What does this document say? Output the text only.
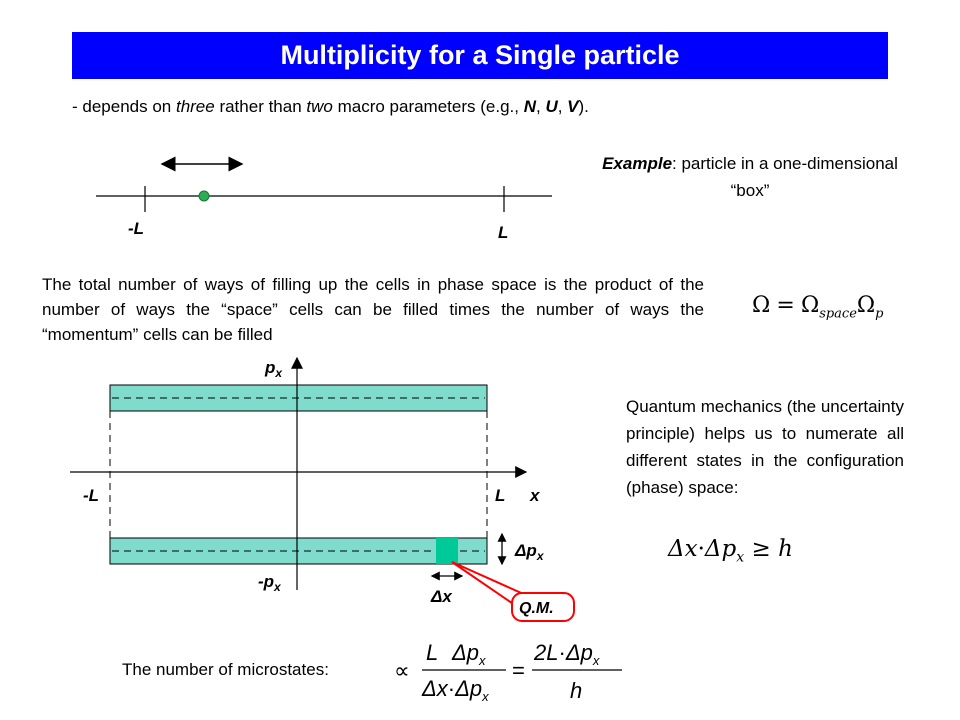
Multiplicity for a Single particle
- depends on three rather than two macro parameters (e.g., N, U, V).
Example: particle in a one-dimensional “box”
-L	L
The total number of ways of filling up the cells in phase space is the product of the number of ways the “space” cells can be filled times the number of ways the “momentum” cells can be filled
$\Omega = \Omega_{space}\Omega_p$
$p_x$
$-p_x$
-L	L x
$\Delta p_x$
Δx
Q.M.
Quantum mechanics (the uncertainty principle) helps us to numerate all different states in the configuration (phase) space:
$\Delta x\cdot\Delta p_x \ge h$
The number of microstates:	∝
L $\Delta p_x$
$\Delta x\cdot\Delta p_x$
=
$2L\cdot\Delta p_x$
h
